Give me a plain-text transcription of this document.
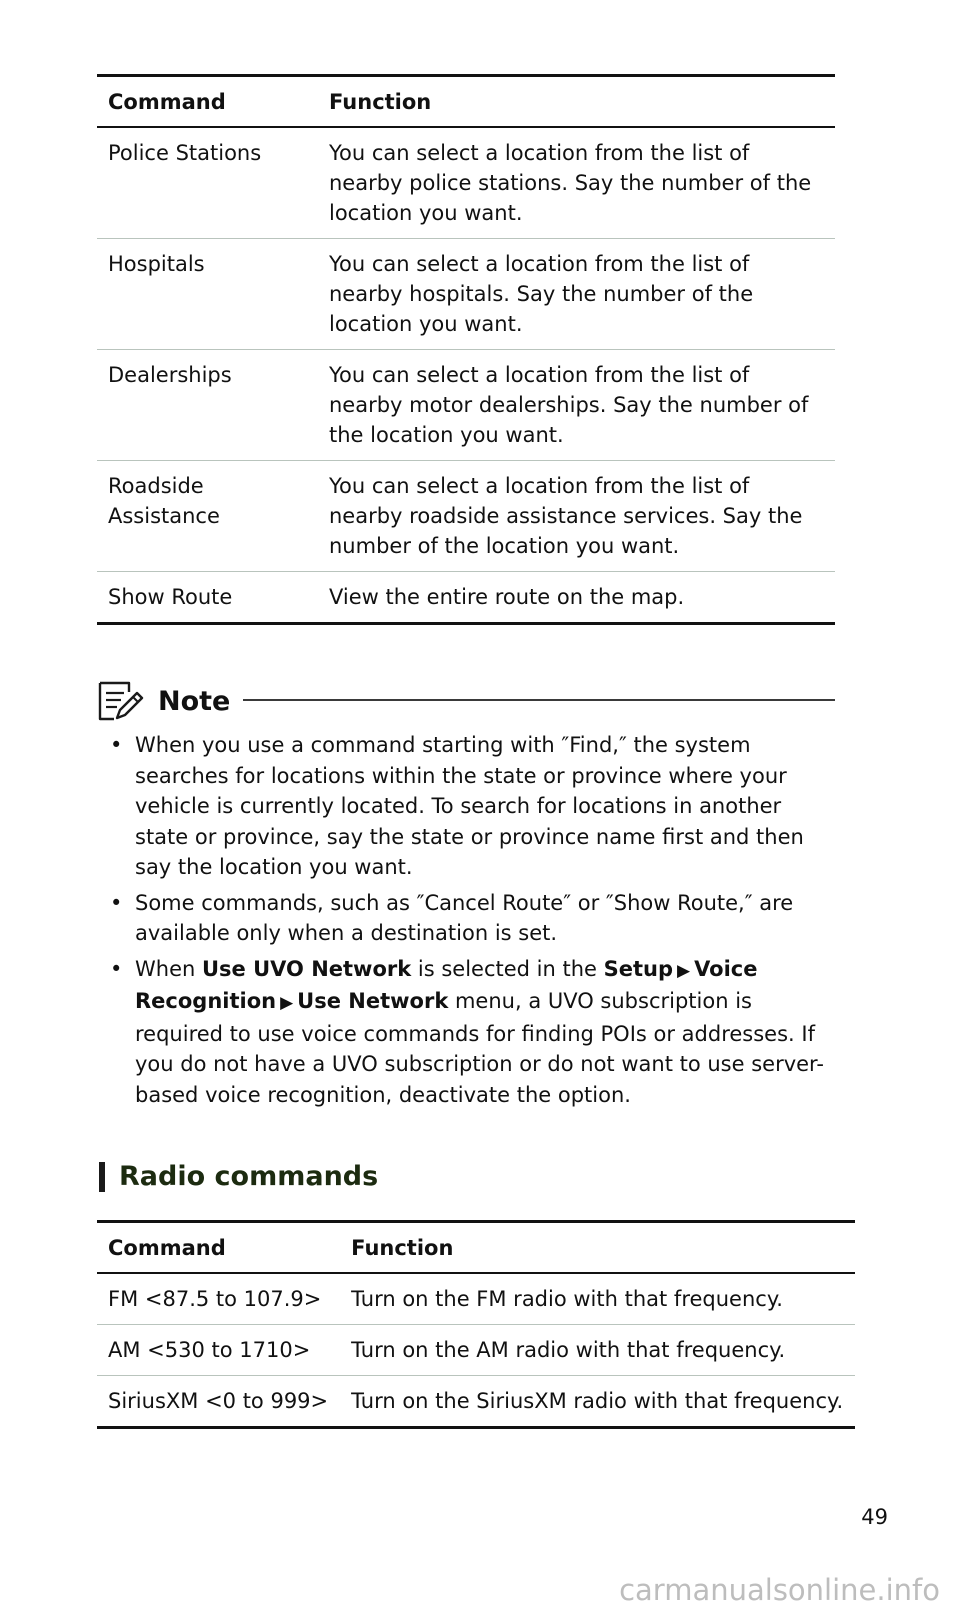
Command	Function
Police Stations	You can select a location from the list of nearby police stations. Say the number of the location you want.
Hospitals	You can select a location from the list of nearby hospitals. Say the number of the location you want.
Dealerships	You can select a location from the list of nearby motor dealerships. Say the number of the location you want.
Roadside Assistance	You can select a location from the list of nearby roadside assistance services. Say the number of the location you want.
Show Route	View the entire route on the map.
Note
• When you use a command starting with ″Find,″ the system searches for locations within the state or province where your vehicle is currently located. To search for locations in another state or province, say the state or province name first and then say the location you want.
• Some commands, such as ″Cancel Route″ or ″Show Route,″ are available only when a destination is set.
• When Use UVO Network is selected in the Setup ▶ Voice Recognition ▶ Use Network menu, a UVO subscription is required to use voice commands for finding POIs or addresses. If you do not have a UVO subscription or do not want to use server-based voice recognition, deactivate the option.
Radio commands
Command	Function
FM <87.5 to 107.9>	Turn on the FM radio with that frequency.
AM <530 to 1710>	Turn on the AM radio with that frequency.
SiriusXM <0 to 999>	Turn on the SiriusXM radio with that frequency.
49
carmanualsonline.info
